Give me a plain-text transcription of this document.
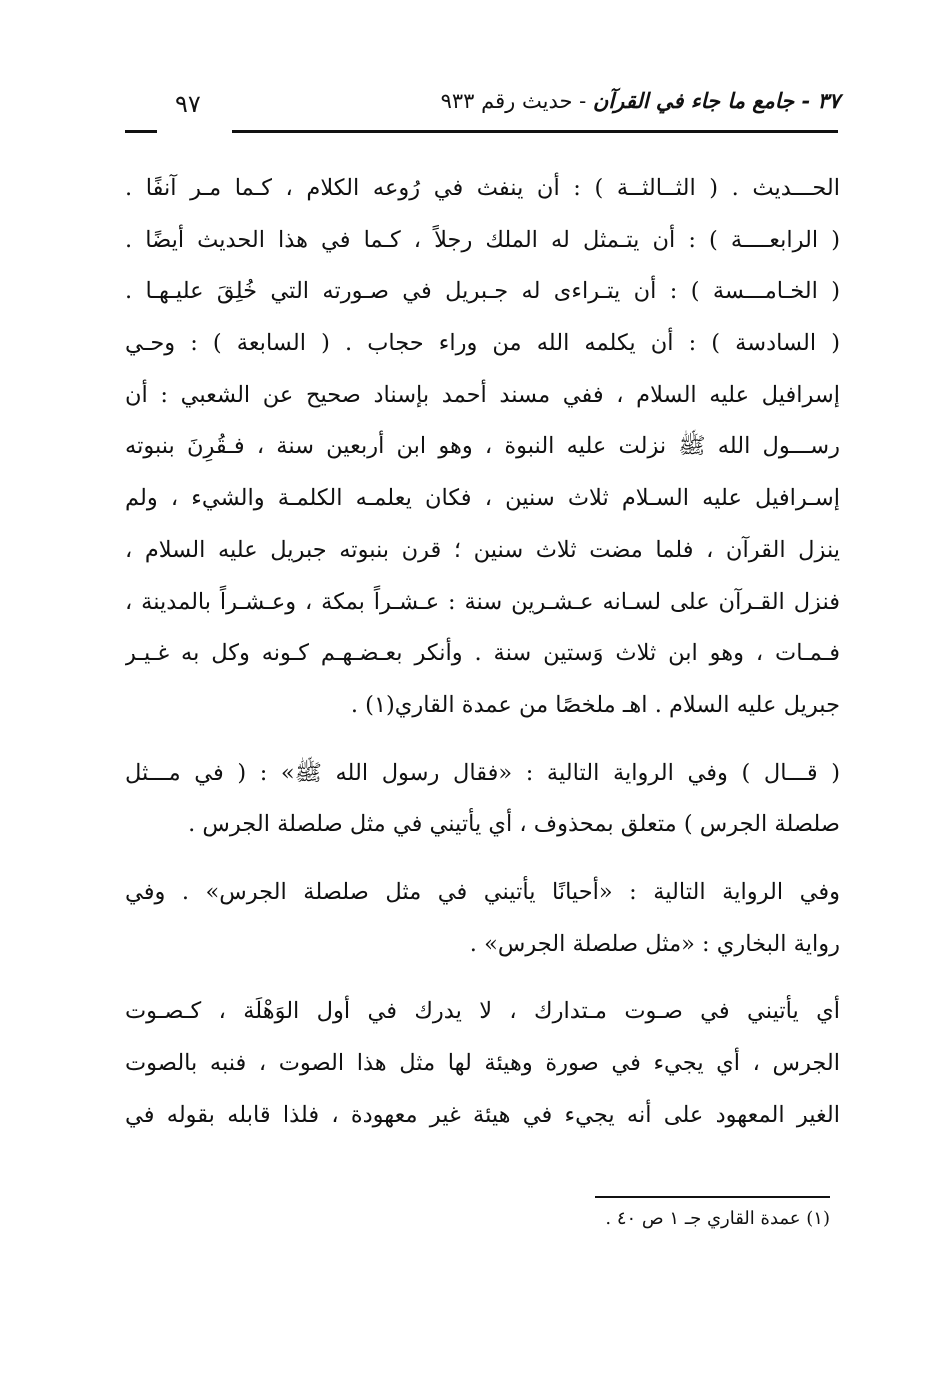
٣٧ - جامع ما جاء في القرآن - حديث رقم ٩٣٣
٩٧
الحـــديث . ( الثــالثــة ) : أن ينفث في رُوعه الكلام ، كـما مـر آنفًا .
( الرابعــــة ) : أن يتـمثل له الملك رجلاً ، كـما في هذا الحديث أيضًا .
( الخـامـــسة ) : أن يتـراءى له جـبريل في صـورته التي خُلِقَ عليـهـا .
( السادسة ) : أن يكلمه الله من وراء حجاب . ( السابعة ) : وحـي
إسرافيل عليه السلام ، ففي مسند أحمد بإسناد صحيح عن الشعبي : أن
رســـول الله ﷺ نزلت عليه النبوة ، وهو ابن أربعين سنة ، فـقُرِنَ بنبوته
إسـرافيل عليه السـلام ثلاث سنين ، فكان يعلمـه الكلمـة والشيء ، ولم
ينزل القرآن ، فلما مضت ثلاث سنين ؛ قرن بنبوته جبريل عليه السلام ،
فنزل القـرآن على لسـانه عـشـرين سنة : عـشـراً بمكة ، وعـشـراً بالمدينة ،
فـمـات ، وهو ابن ثلاث وَستين سنة . وأنكر بعـضـهـم كـونه وكل به غـيـر
جبريل عليه السلام . اهـ ملخصًا من عمدة القاري(١) .
( قـــال ) وفي الرواية التالية : «فقال رسول الله ﷺ» : ( في مـــثل
صلصلة الجرس ) متعلق بمحذوف ، أي يأتيني في مثل صلصلة الجرس .
وفي الرواية التالية : «أحيانًا يأتيني في مثل صلصلة الجرس» . وفي
رواية البخاري : «مثل صلصلة الجرس» .
أي يأتيني في صـوت مـتدارك ، لا يدرك في أول الوَهْلَة ، كـصـوت
الجرس ، أي يجيء في صورة وهيئة لها مثل هذا الصوت ، فنبه بالصوت
الغير المعهود على أنه يجيء في هيئة غير معهودة ، فلذا قابله بقوله في
(١) عمدة القاري جـ ١ ص ٤٠ .
